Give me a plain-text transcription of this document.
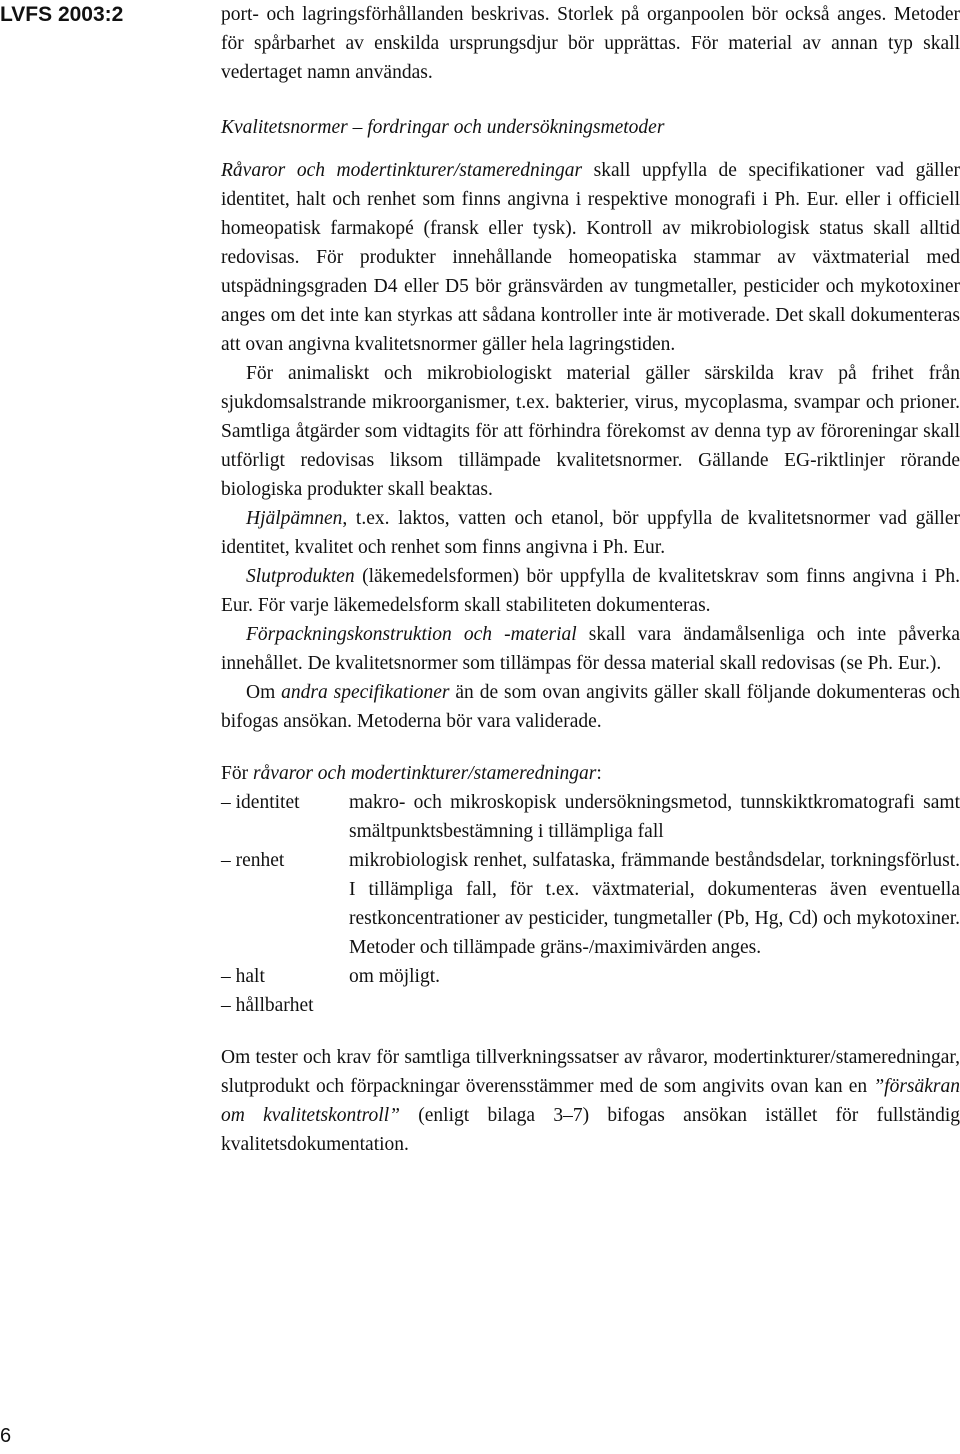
LVFS 2003:2	port- och lagringsförhållanden beskrivas. Storlek på organpoolen bör också anges. Metoder för spårbarhet av enskilda ursprungsdjur bör upprättas. För material av annan typ skall vedertaget namn användas.

Kvalitetsnormer – fordringar och undersökningsmetoder

Råvaror och modertinkturer/stameredningar skall uppfylla de specifikationer vad gäller identitet, halt och renhet som finns angivna i respektive monografi i Ph. Eur. eller i officiell homeopatisk farmakopé (fransk eller tysk). Kontroll av mikrobiologisk status skall alltid redovisas. För produkter innehållande homeopatiska stammar av växtmaterial med utspädningsgraden D4 eller D5 bör gränsvärden av tungmetaller, pesticider och mykotoxiner anges om det inte kan styrkas att sådana kontroller inte är motiverade. Det skall dokumenteras att ovan angivna kvalitetsnormer gäller hela lagringstiden.

För animaliskt och mikrobiologiskt material gäller särskilda krav på frihet från sjukdomsalstrande mikroorganismer, t.ex. bakterier, virus, mycoplasma, svampar och prioner. Samtliga åtgärder som vidtagits för att förhindra förekomst av denna typ av föroreningar skall utförligt redovisas liksom tillämpade kvalitetsnormer. Gällande EG-riktlinjer rörande biologiska produkter skall beaktas.

Hjälpämnen, t.ex. laktos, vatten och etanol, bör uppfylla de kvalitetsnormer vad gäller identitet, kvalitet och renhet som finns angivna i Ph. Eur.

Slutprodukten (läkemedelsformen) bör uppfylla de kvalitetskrav som finns angivna i Ph. Eur. För varje läkemedelsform skall stabiliteten dokumenteras.

Förpackningskonstruktion och -material skall vara ändamålsenliga och inte påverka innehållet. De kvalitetsnormer som tillämpas för dessa material skall redovisas (se Ph. Eur.).

Om andra specifikationer än de som ovan angivits gäller skall följande dokumenteras och bifogas ansökan. Metoderna bör vara validerade.

För råvaror och modertinkturer/stameredningar:

– identitet	makro- och mikroskopisk undersökningsmetod, tunnskiktkromatografi samt smältpunktsbestämning i tillämpliga fall
– renhet	mikrobiologisk renhet, sulfataska, främmande beståndsdelar, torkningsförlust. I tillämpliga fall, för t.ex. växtmaterial, dokumenteras även eventuella restkoncentrationer av pesticider, tungmetaller (Pb, Hg, Cd) och mykotoxiner. Metoder och tillämpade gräns-/maximivärden anges.
– halt	om möjligt.
– hållbarhet

Om tester och krav för samtliga tillverkningssatser av råvaror, modertinkturer/stameredningar, slutprodukt och förpackningar överensstämmer med de som angivits ovan kan en ”försäkran om kvalitetskontroll” (enligt bilaga 3–7) bifogas ansökan istället för fullständig kvalitetsdokumentation.

6
